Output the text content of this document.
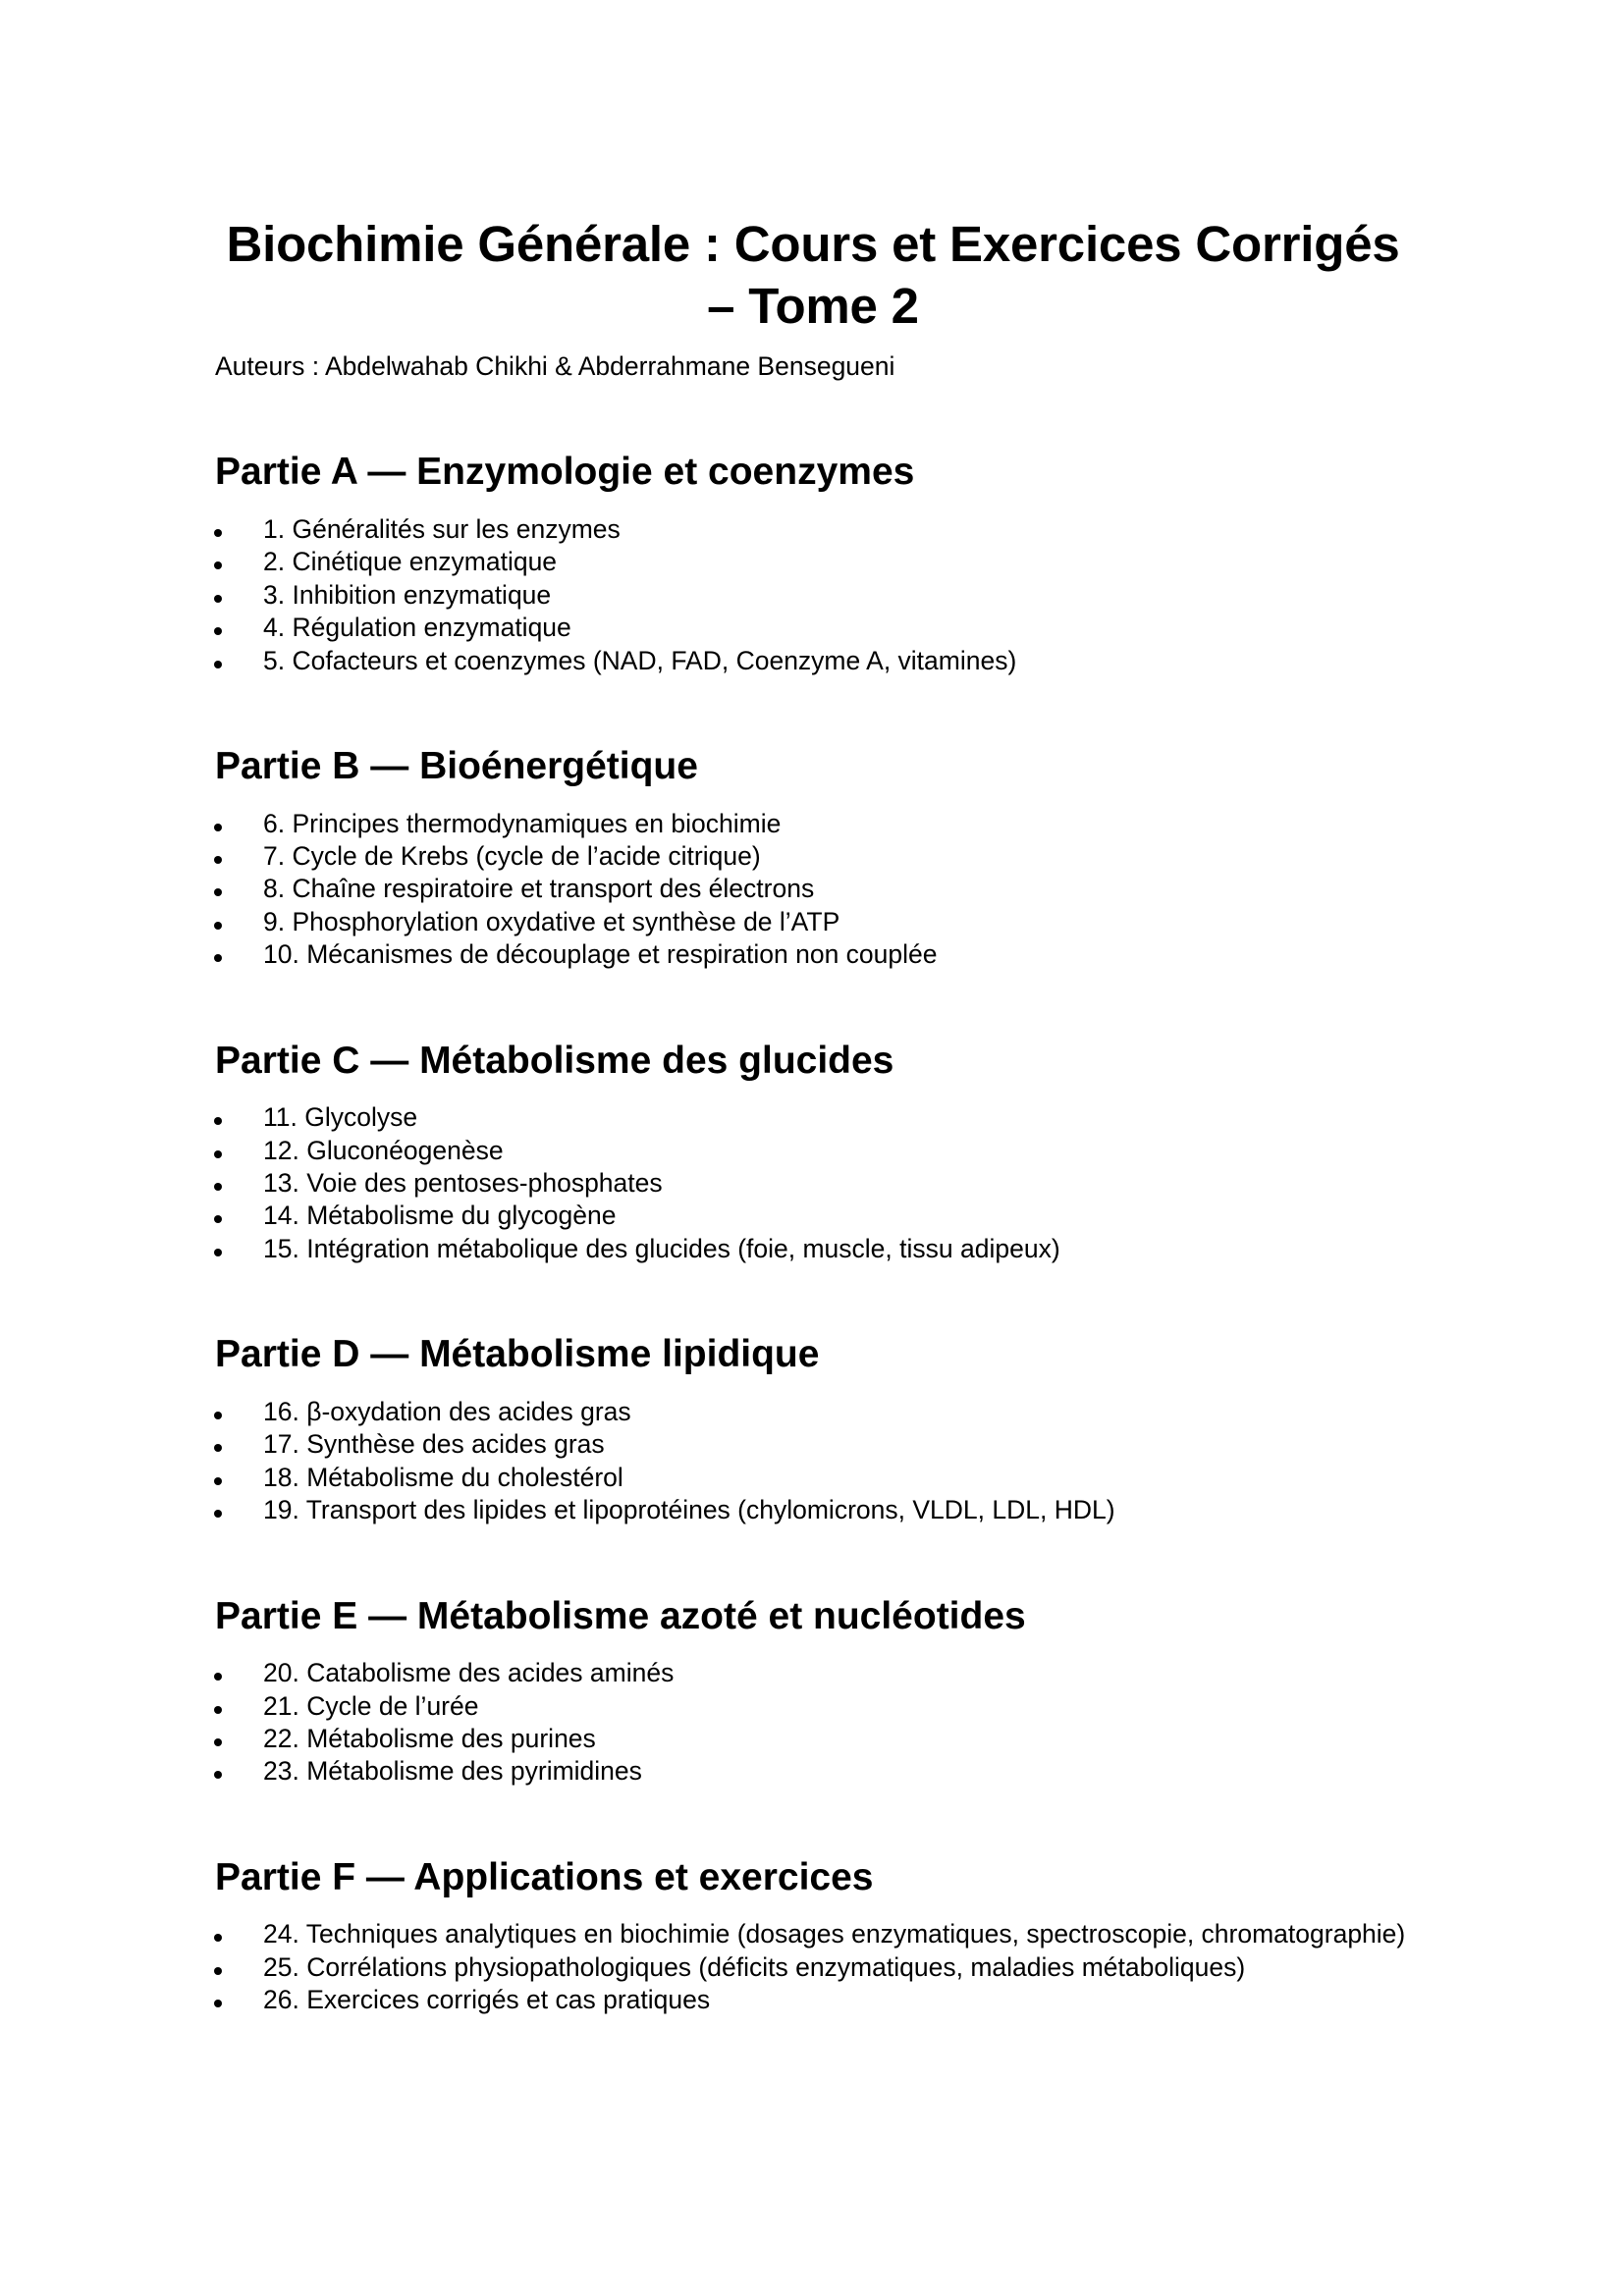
Biochimie Générale : Cours et Exercices Corrigés – Tome 2

Auteurs : Abdelwahab Chikhi & Abderrahmane Bensegueni

Partie A — Enzymologie et coenzymes
1. Généralités sur les enzymes
2. Cinétique enzymatique
3. Inhibition enzymatique
4. Régulation enzymatique
5. Cofacteurs et coenzymes (NAD, FAD, Coenzyme A, vitamines)
Partie B — Bioénergétique
6. Principes thermodynamiques en biochimie
7. Cycle de Krebs (cycle de l’acide citrique)
8. Chaîne respiratoire et transport des électrons
9. Phosphorylation oxydative et synthèse de l’ATP
10. Mécanismes de découplage et respiration non couplée
Partie C — Métabolisme des glucides
11. Glycolyse
12. Gluconéogenèse
13. Voie des pentoses-phosphates
14. Métabolisme du glycogène
15. Intégration métabolique des glucides (foie, muscle, tissu adipeux)
Partie D — Métabolisme lipidique
16. β-oxydation des acides gras
17. Synthèse des acides gras
18. Métabolisme du cholestérol
19. Transport des lipides et lipoprotéines (chylomicrons, VLDL, LDL, HDL)
Partie E — Métabolisme azoté et nucléotides
20. Catabolisme des acides aminés
21. Cycle de l’urée
22. Métabolisme des purines
23. Métabolisme des pyrimidines
Partie F — Applications et exercices
24. Techniques analytiques en biochimie (dosages enzymatiques, spectroscopie, chromatographie)
25. Corrélations physiopathologiques (déficits enzymatiques, maladies métaboliques)
26. Exercices corrigés et cas pratiques
